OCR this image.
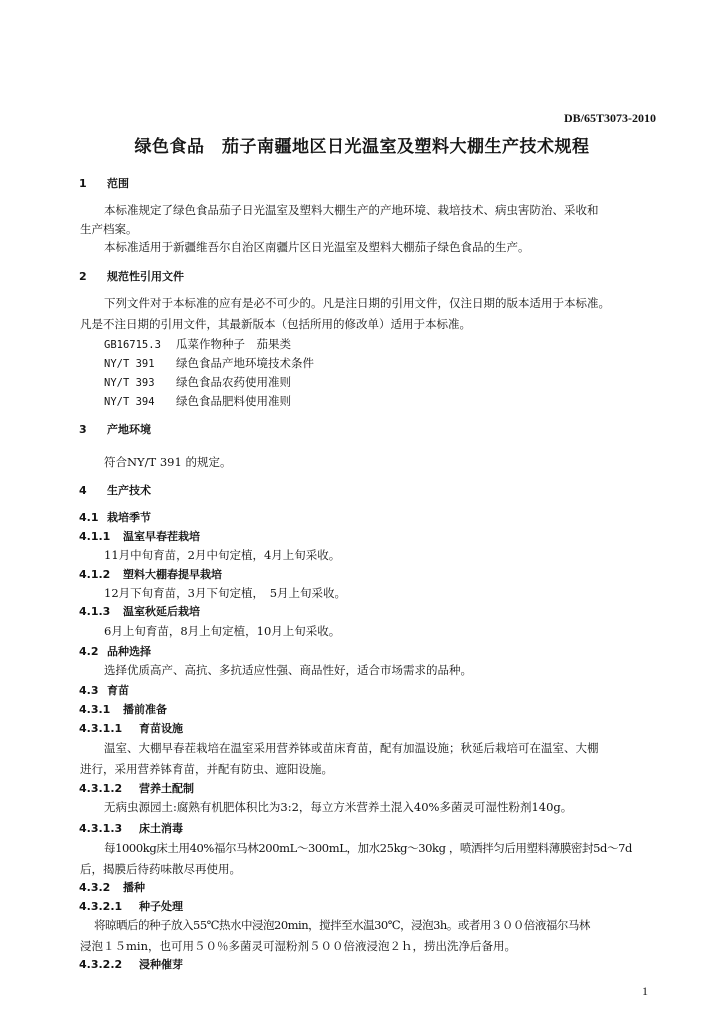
DB/65T3073-2010
绿色食品　茄子南疆地区日光温室及塑料大棚生产技术规程
1 范围
本标准规定了绿色食品茄子日光温室及塑料大棚生产的产地环境、栽培技术、病虫害防治、采收和
生产档案。
本标准适用于新疆维吾尔自治区南疆片区日光温室及塑料大棚茄子绿色食品的生产。
2 规范性引用文件
下列文件对于本标准的应有是必不可少的。凡是注日期的引用文件，仅注日期的版本适用于本标准。
凡是不注日期的引用文件，其最新版本（包括所用的修改单）适用于本标准。
GB16715.3 瓜菜作物种子　茄果类
NY/T 391 绿色食品产地环境技术条件
NY/T 393 绿色食品农药使用准则
NY/T 394 绿色食品肥料使用准则
3 产地环境
符合NY/T 391 的规定。
4 生产技术
4.1 栽培季节
4.1.1 温室早春茬栽培
11月中旬育苗，2月中旬定植，4月上旬采收。
4.1.2 塑料大棚春提早栽培
12月下旬育苗，3月下旬定植，　5月上旬采收。
4.1.3 温室秋延后栽培
6月上旬育苗，8月上旬定植，10月上旬采收。
4.2 品种选择
选择优质高产、高抗、多抗适应性强、商品性好，适合市场需求的品种。
4.3 育苗
4.3.1 播前准备
4.3.1.1 育苗设施
温室、大棚早春茬栽培在温室采用营养钵或苗床育苗，配有加温设施；秋延后栽培可在温室、大棚
进行，采用营养钵育苗，并配有防虫、遮阳设施。
4.3.1.2 营养土配制
无病虫源园土:腐熟有机肥体积比为3:2，每立方米营养土混入40%多菌灵可湿性粉剂140g。
4.3.1.3 床土消毒
每1000kg床土用40%福尔马林200mL～300mL，加水25kg～30kg ，喷洒拌匀后用塑料薄膜密封5d～7d
后，揭膜后待药味散尽再使用。
4.3.2 播种
4.3.2.1 种子处理
将晾晒后的种子放入55℃热水中浸泡20min，搅拌至水温30℃，浸泡3h。或者用３００倍液福尔马林
浸泡１５min，也可用５０％多菌灵可湿粉剂５００倍液浸泡２ｈ，捞出洗净后备用。
4.3.2.2 浸种催芽
1
